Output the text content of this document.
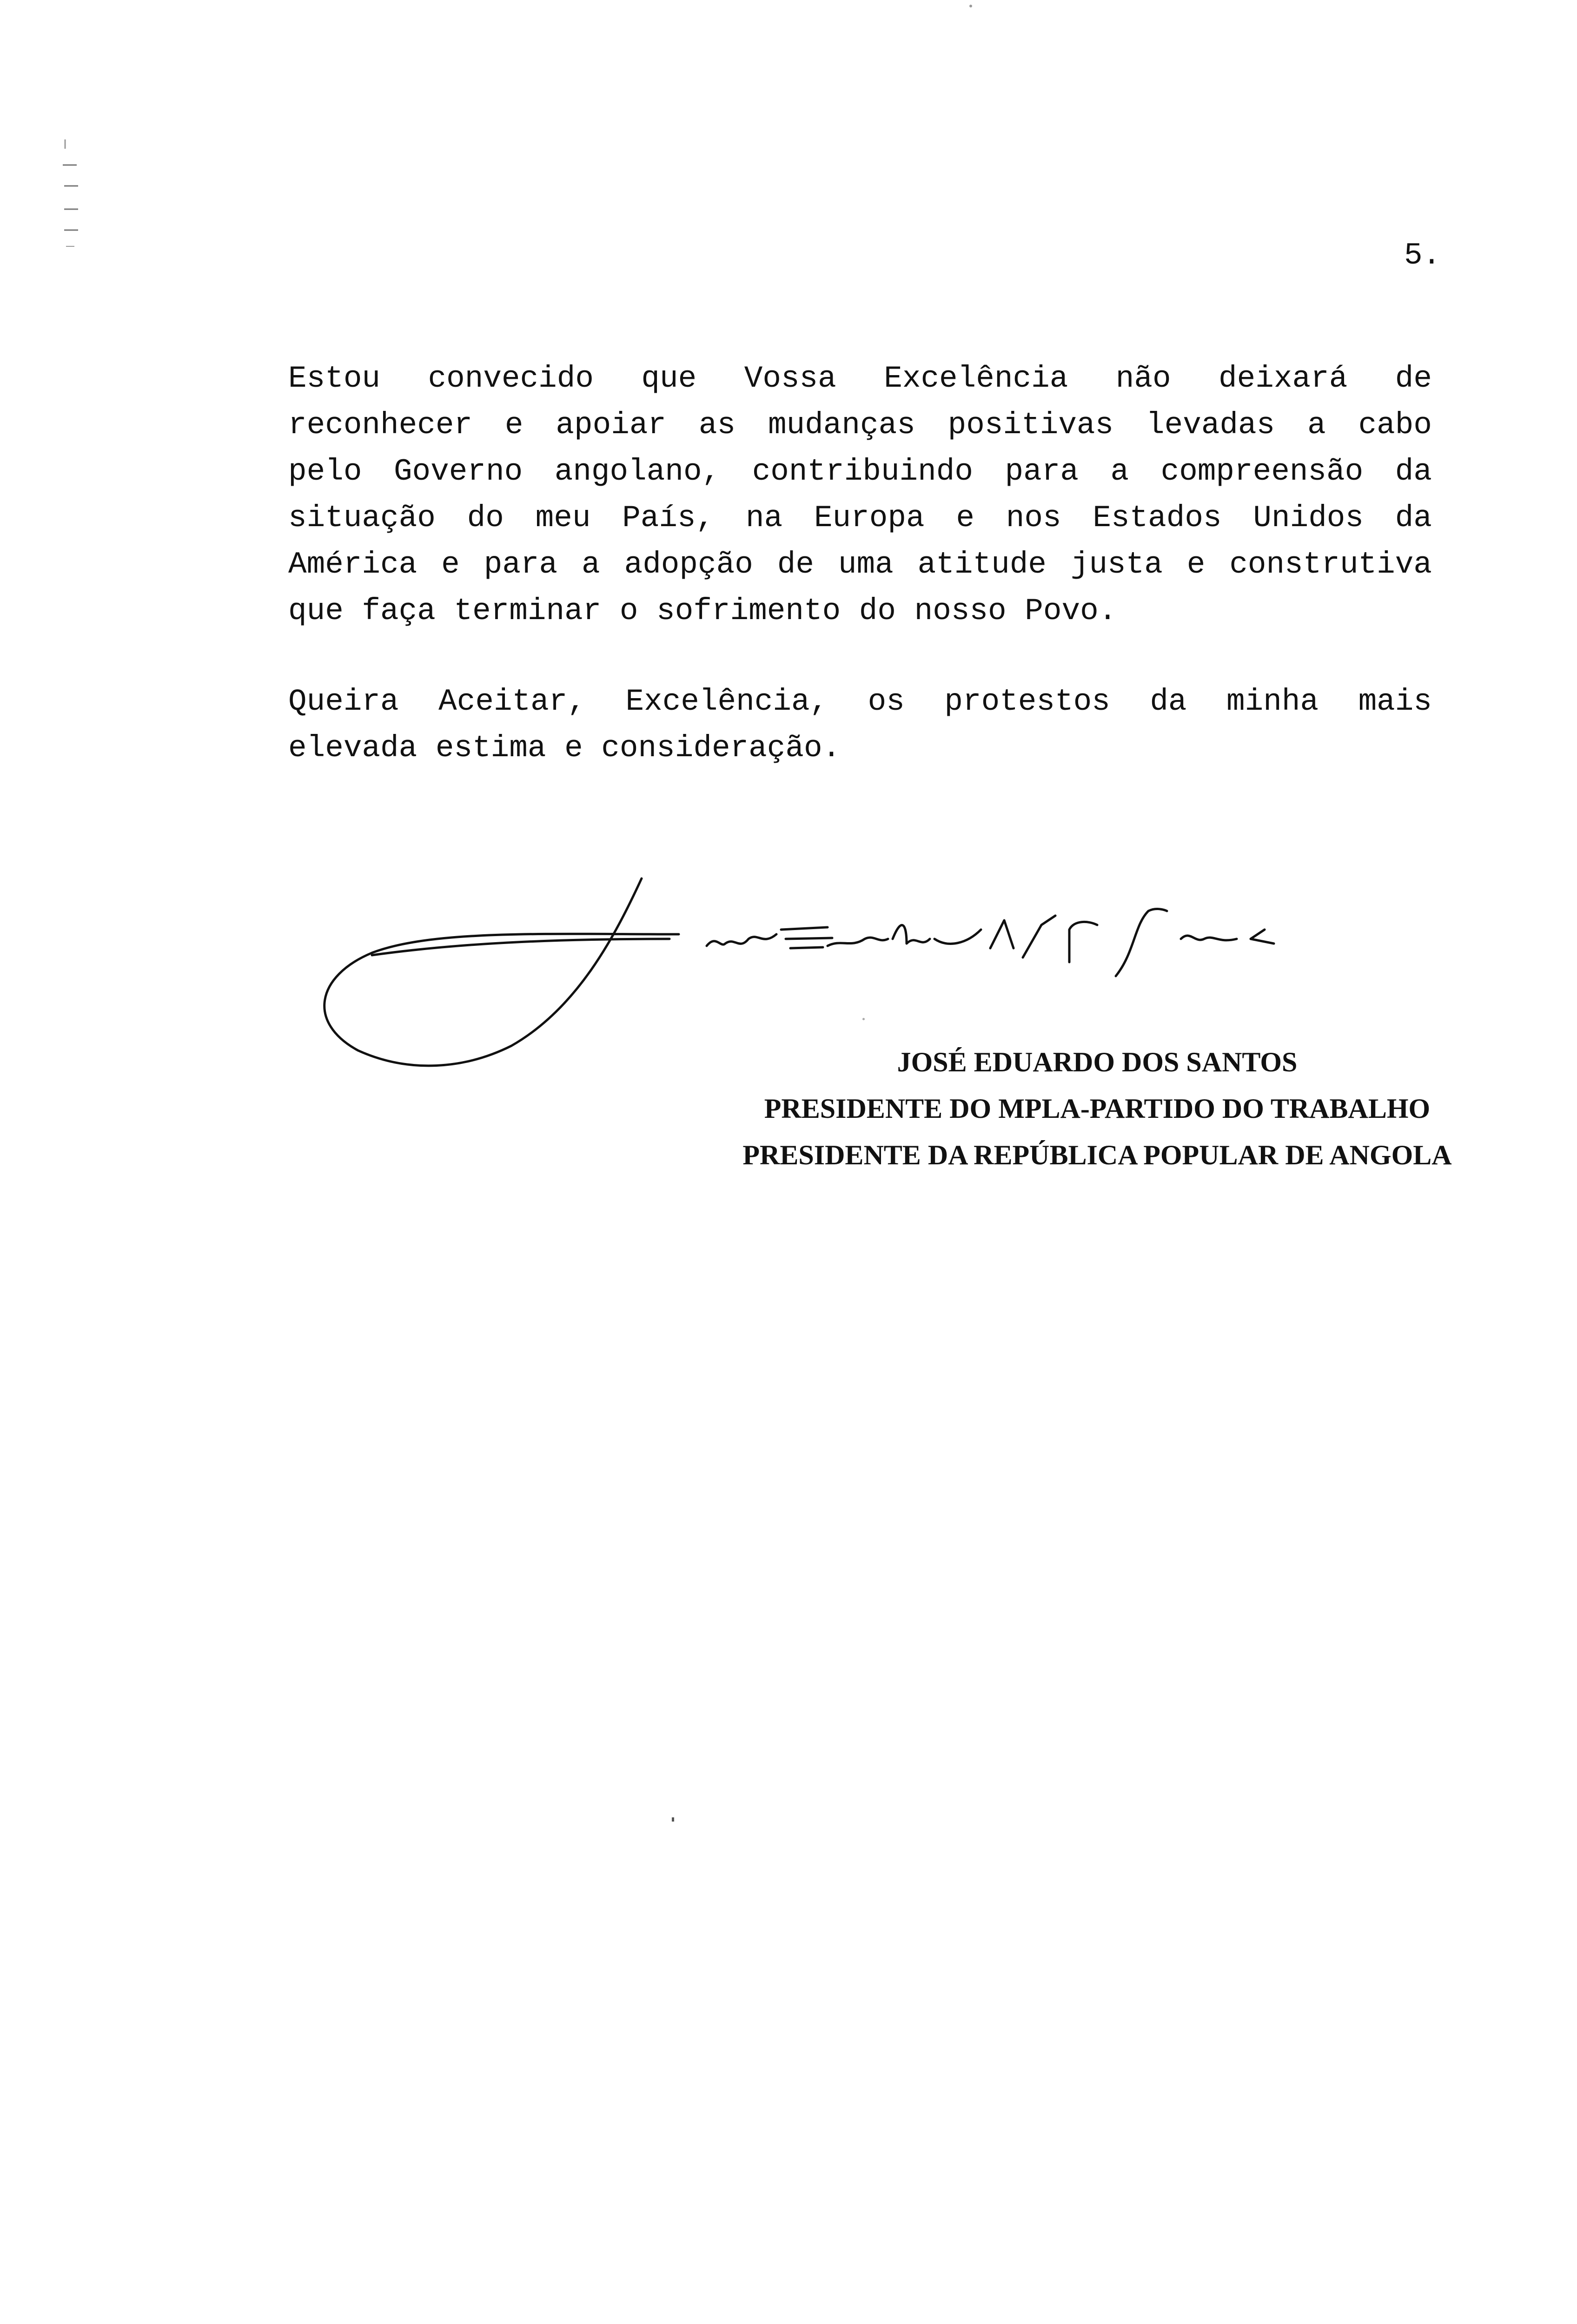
5.
Estou convecido que Vossa Excelência não deixará de
reconhecer e apoiar as mudanças positivas levadas a cabo
pelo Governo angolano, contribuindo para a compreensão da
situação do meu País, na Europa e nos Estados Unidos da
América e para a adopção de uma atitude justa e construtiva
que faça terminar o sofrimento do nosso Povo.
Queira Aceitar, Excelência, os protestos da minha mais
elevada estima e consideração.
JOSÉ EDUARDO DOS SANTOS
PRESIDENTE DO MPLA-PARTIDO DO TRABALHO
PRESIDENTE DA REPÚBLICA POPULAR DE ANGOLA
